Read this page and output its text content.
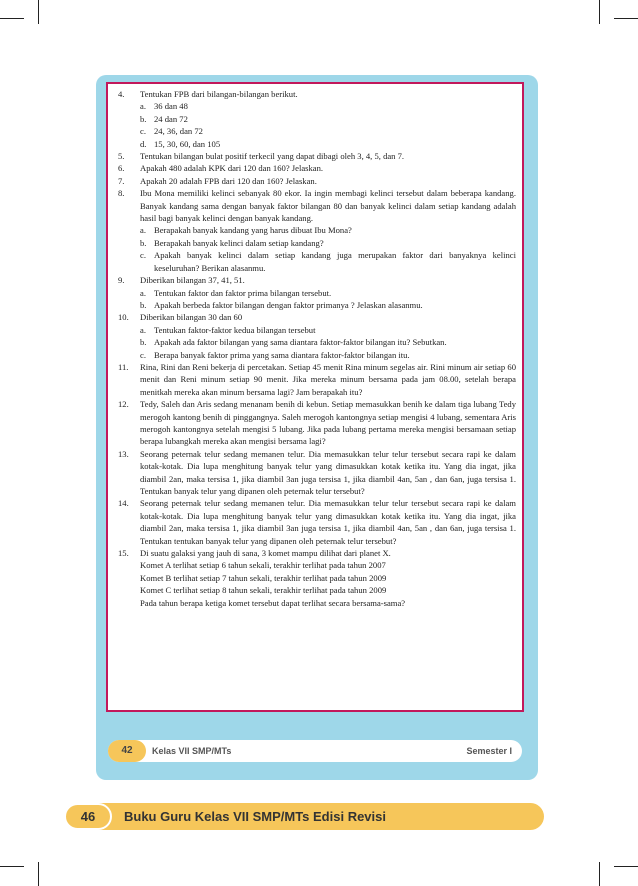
4. Tentukan FPB dari bilangan-bilangan berikut.
a. 36 dan 48
b. 24 dan 72
c. 24, 36, dan 72
d. 15, 30, 60, dan 105
5. Tentukan bilangan bulat positif terkecil yang dapat dibagi oleh 3, 4, 5, dan 7.
6. Apakah 480 adalah KPK dari 120 dan 160? Jelaskan.
7. Apakah 20 adalah FPB dari 120 dan 160? Jelaskan.
8. Ibu Mona memiliki kelinci sebanyak 80 ekor. Ia ingin membagi kelinci tersebut dalam beberapa kandang. Banyak kandang sama dengan banyak faktor bilangan 80 dan banyak kelinci dalam setiap kandang adalah hasil bagi banyak kelinci dengan banyak kandang.
a. Berapakah banyak kandang yang harus dibuat Ibu Mona?
b. Berapakah banyak kelinci dalam setiap kandang?
c. Apakah banyak kelinci dalam setiap kandang juga merupakan faktor dari banyaknya kelinci keseluruhan? Berikan alasanmu.
9. Diberikan bilangan 37, 41, 51.
a. Tentukan faktor dan faktor prima bilangan tersebut.
b. Apakah berbeda faktor bilangan dengan faktor primanya ? Jelaskan alasanmu.
10. Diberikan bilangan 30 dan 60
a. Tentukan faktor-faktor kedua bilangan tersebut
b. Apakah ada faktor bilangan yang sama diantara faktor-faktor bilangan itu? Sebutkan.
c. Berapa banyak faktor prima yang sama diantara faktor-faktor bilangan itu.
11. Rina, Rini dan Reni bekerja di percetakan. Setiap 45 menit Rina minum segelas air. Rini minum air setiap 60 menit dan Reni minum setiap 90 menit. Jika mereka minum bersama pada jam 08.00, setelah berapa menitkah mereka akan minum bersama lagi? Jam berapakah itu?
12. Tedy, Saleh dan Aris sedang menanam benih di kebun. Setiap memasukkan benih ke dalam tiga lubang Tedy merogoh kantong benih di pinggangnya. Saleh merogoh kantongnya setiap mengisi 4 lubang, sementara Aris merogoh kantongnya setelah mengisi 5 lubang. Jika pada lubang pertama mereka mengisi bersamaan setiap berapa lubangkah mereka akan mengisi bersama lagi?
13. Seorang peternak telur sedang memanen telur. Dia memasukkan telur telur tersebut secara rapi ke dalam kotak-kotak. Dia lupa menghitung banyak telur yang dimasukkan kotak ketika itu. Yang dia ingat, jika diambil 2an, maka tersisa 1, jika diambil 3an juga tersisa 1, jika diambil 4an, 5an , dan 6an, juga tersisa 1. Tentukan banyak telur yang dipanen oleh peternak telur tersebut?
14. Seorang peternak telur sedang memanen telur. Dia memasukkan telur telur tersebut secara rapi ke dalam kotak-kotak. Dia lupa menghitung banyak telur yang dimasukkan kotak ketika itu. Yang dia ingat, jika diambil 2an, maka tersisa 1, jika diambil 3an juga tersisa 1, jika diambil 4an, 5an , dan 6an, juga tersisa 1. Tentukan tentukan banyak telur yang dipanen oleh peternak telur tersebut?
15. Di suatu galaksi yang jauh di sana, 3 komet mampu dilihat dari planet X.
Komet A terlihat setiap 6 tahun sekali, terakhir terlihat pada tahun 2007
Komet B terlihat setiap 7 tahun sekali, terakhir terlihat pada tahun 2009
Komet C terlihat setiap 8 tahun sekali, terakhir terlihat pada tahun 2009
Pada tahun berapa ketiga komet tersebut dapat terlihat secara bersama-sama?
42	Kelas VII SMP/MTs	Semester I
46	Buku Guru Kelas VII SMP/MTs Edisi Revisi
